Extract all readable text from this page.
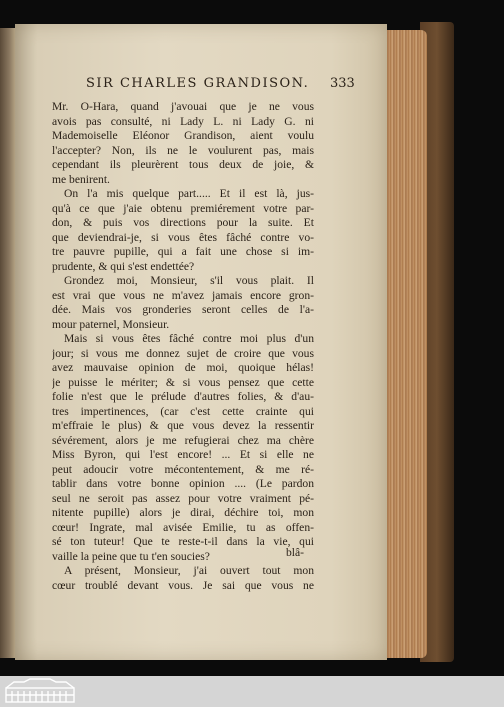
SIR CHARLES GRANDISON. 333
Mr. O-Hara, quand j'avouai que je ne vous
avois pas consulté, ni Lady L. ni Lady G. ni
Mademoiselle Eléonor Grandison, aient voulu
l'accepter? Non, ils ne le voulurent pas, mais
cependant ils pleurèrent tous deux de joie, &
me benirent.
On l'a mis quelque part..... Et il est là, jus-
qu'à ce que j'aie obtenu premiérement votre par-
don, & puis vos directions pour la suite. Et
que deviendrai-je, si vous êtes fâché contre vo-
tre pauvre pupille, qui a fait une chose si im-
prudente, & qui s'est endettée?
Grondez moi, Monsieur, s'il vous plait. Il
est vrai que vous ne m'avez jamais encore gron-
dée. Mais vos gronderies seront celles de l'a-
mour paternel, Monsieur.
Mais si vous êtes fâché contre moi plus d'un
jour; si vous me donnez sujet de croire que vous
avez mauvaise opinion de moi, quoique hélas!
je puisse le mériter; & si vous pensez que cette
folie n'est que le prélude d'autres folies, & d'au-
tres impertinences, (car c'est cette crainte qui
m'effraie le plus) & que vous devez la ressentir
sévérement, alors je me refugierai chez ma chère
Miss Byron, qui l'est encore! ... Et si elle ne
peut adoucir votre mécontentement, & me ré-
tablir dans votre bonne opinion .... (Le pardon
seul ne seroit pas assez pour votre vraiment pé-
nitente pupille) alors je dirai, déchire toi, mon
cœur! Ingrate, mal avisée Emilie, tu as offen-
sé ton tuteur! Que te reste-t-il dans la vie, qui
vaille la peine que tu t'en soucies?
A présent, Monsieur, j'ai ouvert tout mon
cœur troublé devant vous. Je sai que vous ne
blâ-
